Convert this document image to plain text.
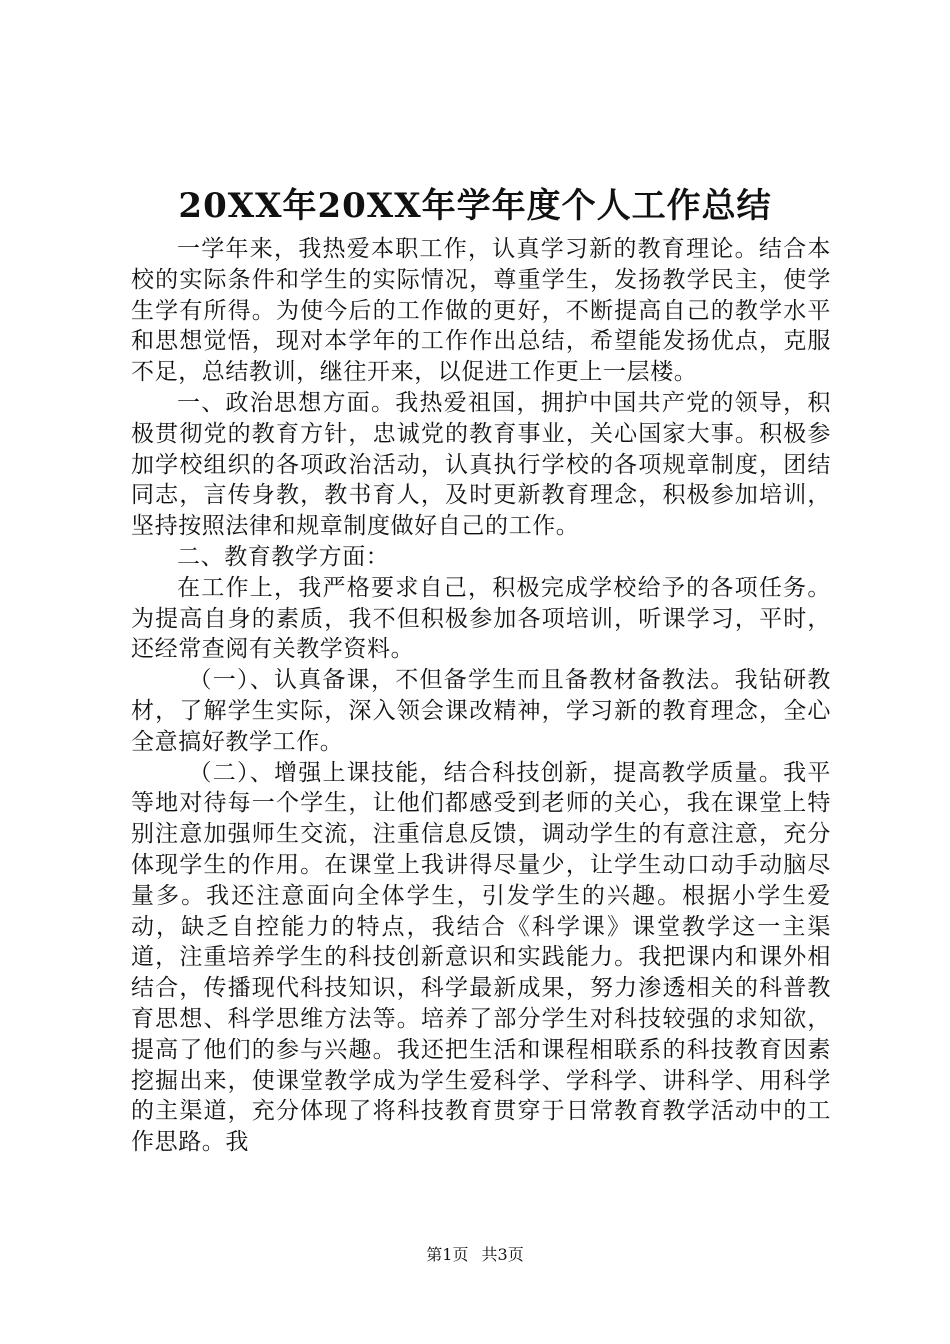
20XX年20XX年学年度个人工作总结

一学年来，我热爱本职工作，认真学习新的教育理论。结合本校的实际条件和学生的实际情况，尊重学生，发扬教学民主，使学生学有所得。为使今后的工作做的更好，不断提高自己的教学水平和思想觉悟，现对本学年的工作作出总结，希望能发扬优点，克服不足，总结教训，继往开来，以促进工作更上一层楼。

一、政治思想方面。我热爱祖国，拥护中国共产党的领导，积极贯彻党的教育方针，忠诚党的教育事业，关心国家大事。积极参加学校组织的各项政治活动，认真执行学校的各项规章制度，团结同志，言传身教，教书育人，及时更新教育理念，积极参加培训，坚持按照法律和规章制度做好自己的工作。

二、教育教学方面：

在工作上，我严格要求自己，积极完成学校给予的各项任务。为提高自身的素质，我不但积极参加各项培训，听课学习，平时，还经常查阅有关教学资料。

（一）、认真备课，不但备学生而且备教材备教法。我钻研教材，了解学生实际，深入领会课改精神，学习新的教育理念，全心全意搞好教学工作。

（二）、增强上课技能，结合科技创新，提高教学质量。我平等地对待每一个学生，让他们都感受到老师的关心，我在课堂上特别注意加强师生交流，注重信息反馈，调动学生的有意注意，充分体现学生的作用。在课堂上我讲得尽量少，让学生动口动手动脑尽量多。我还注意面向全体学生，引发学生的兴趣。根据小学生爱动，缺乏自控能力的特点，我结合《科学课》课堂教学这一主渠道，注重培养学生的科技创新意识和实践能力。我把课内和课外相结合，传播现代科技知识，科学最新成果，努力渗透相关的科普教育思想、科学思维方法等。培养了部分学生对科技较强的求知欲，提高了他们的参与兴趣。我还把生活和课程相联系的科技教育因素挖掘出来，使课堂教学成为学生爱科学、学科学、讲科学、用科学的主渠道，充分体现了将科技教育贯穿于日常教育教学活动中的工作思路。我

第1页 共3页
